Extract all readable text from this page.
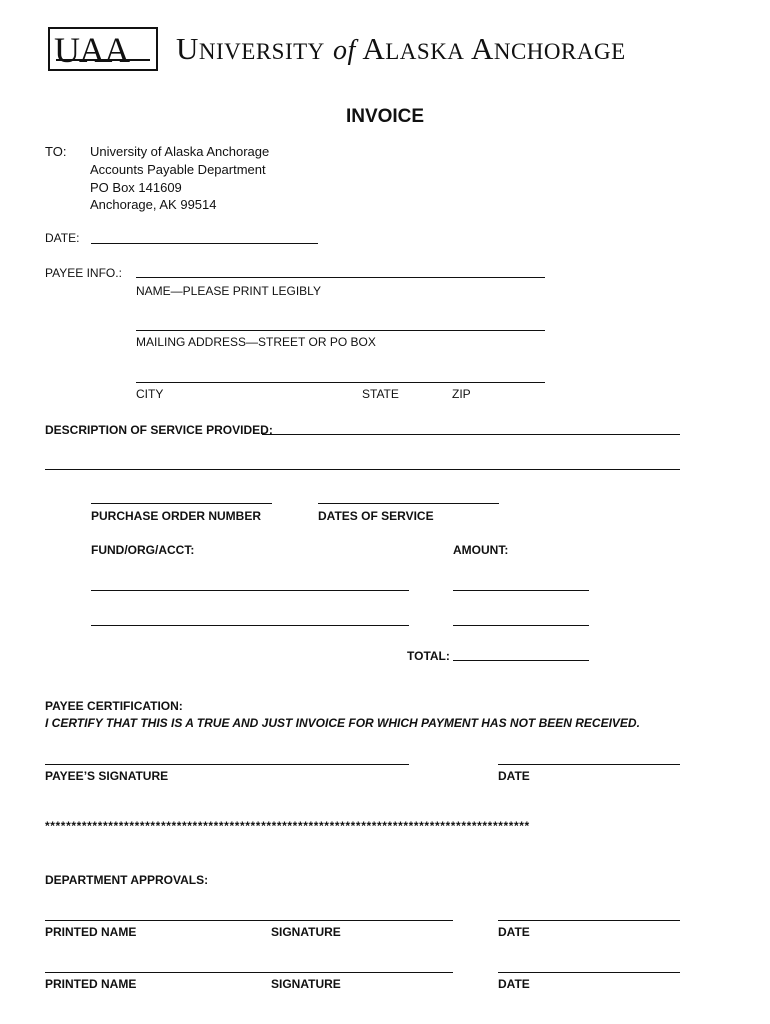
UAA UNIVERSITY of ALASKA ANCHORAGE
INVOICE
TO: University of Alaska Anchorage
Accounts Payable Department
PO Box 141609
Anchorage, AK 99514
DATE:
PAYEE INFO.:
NAME—PLEASE PRINT LEGIBLY
MAILING ADDRESS—STREET OR PO BOX
CITY	STATE	ZIP
DESCRIPTION OF SERVICE PROVIDED:
PURCHASE ORDER NUMBER	DATES OF SERVICE
FUND/ORG/ACCT:	AMOUNT:
TOTAL:
PAYEE CERTIFICATION:
I CERTIFY THAT THIS IS A TRUE AND JUST INVOICE FOR WHICH PAYMENT HAS NOT BEEN RECEIVED.
PAYEE’S SIGNATURE	DATE
********************************************************************************************
DEPARTMENT APPROVALS:
PRINTED NAME	SIGNATURE	DATE
PRINTED NAME	SIGNATURE	DATE
